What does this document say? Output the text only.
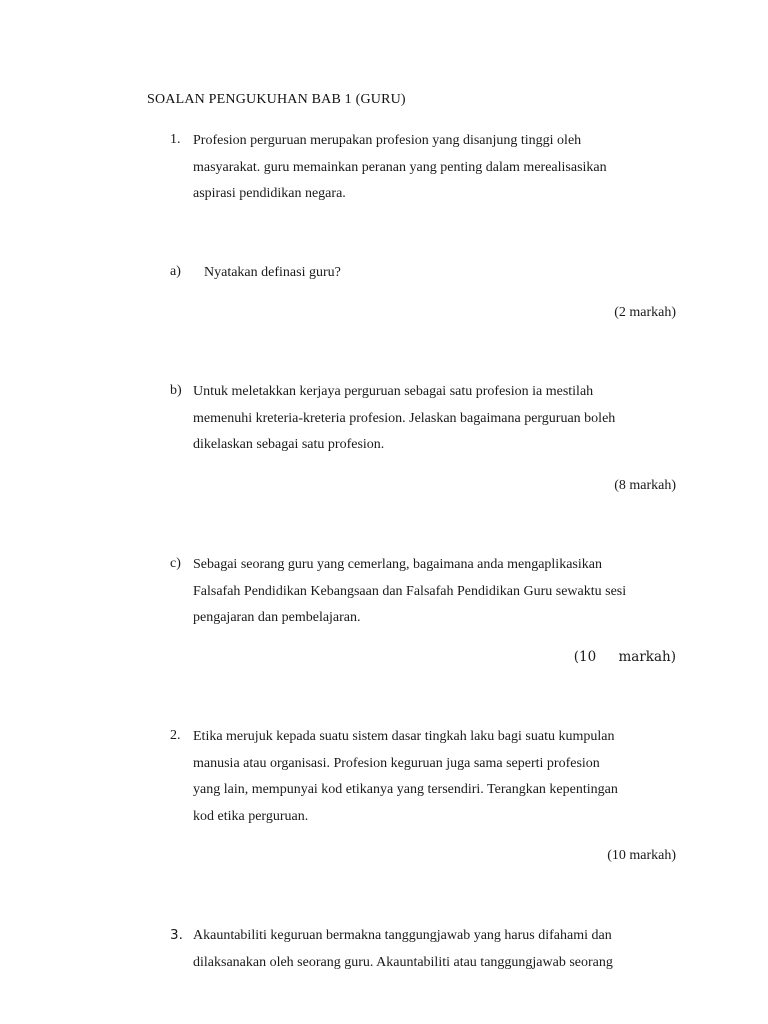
SOALAN PENGUKUHAN BAB 1 (GURU)
1. Profesion perguruan merupakan profesion yang disanjung tinggi oleh
masyarakat. guru memainkan peranan yang penting dalam merealisasikan
aspirasi pendidikan negara.
a) Nyatakan definasi guru?
(2 markah)
b) Untuk meletakkan kerjaya perguruan sebagai satu profesion ia mestilah
memenuhi kreteria-kreteria profesion. Jelaskan bagaimana perguruan boleh
dikelaskan sebagai satu profesion.
(8 markah)
c) Sebagai seorang guru yang cemerlang, bagaimana anda mengaplikasikan
Falsafah Pendidikan Kebangsaan dan Falsafah Pendidikan Guru sewaktu sesi
pengajaran dan pembelajaran.
(10 markah)
2. Etika merujuk kepada suatu sistem dasar tingkah laku bagi suatu kumpulan
manusia atau organisasi. Profesion keguruan juga sama seperti profesion
yang lain, mempunyai kod etikanya yang tersendiri. Terangkan kepentingan
kod etika perguruan.
(10 markah)
3. Akauntabiliti keguruan bermakna tanggungjawab yang harus difahami dan
dilaksanakan oleh seorang guru. Akauntabiliti atau tanggungjawab seorang
